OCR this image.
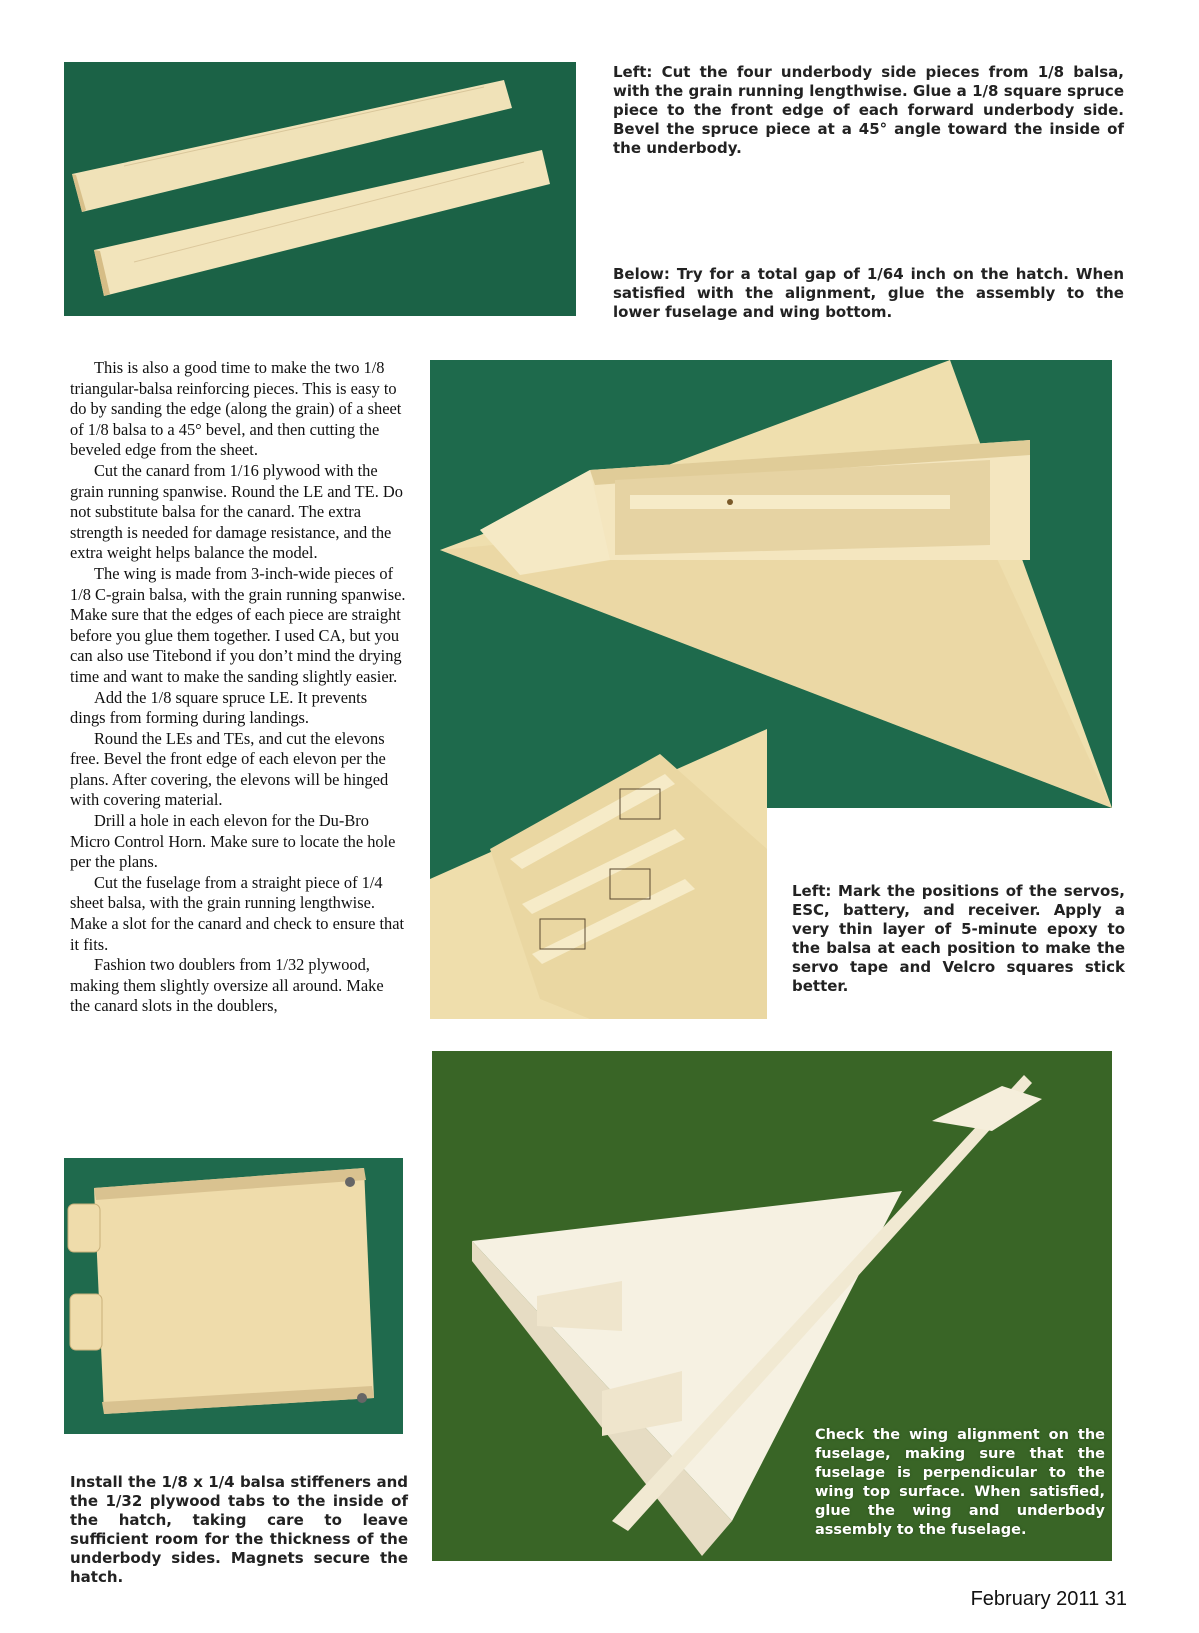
Left: Cut the four underbody side pieces from 1/8 balsa, with the grain running lengthwise. Glue a 1/8 square spruce piece to the front edge of each forward underbody side. Bevel the spruce piece at a 45° angle toward the inside of the underbody.

Below: Try for a total gap of 1/64 inch on the hatch. When satisfied with the alignment, glue the assembly to the lower fuselage and wing bottom.

Left: Mark the positions of the servos, ESC, battery, and receiver. Apply a very thin layer of 5-minute epoxy to the balsa at each position to make the servo tape and Velcro squares stick better.

Install the 1/8 x 1/4 balsa stiffeners and the 1/32 plywood tabs to the inside of the hatch, taking care to leave sufficient room for the thickness of the underbody sides. Magnets secure the hatch.

Check the wing alignment on the fuselage, making sure that the fuselage is perpendicular to the wing top surface. When satisfied, glue the wing and underbody assembly to the fuselage.

This is also a good time to make the two 1/8 triangular-balsa reinforcing pieces. This is easy to do by sanding the edge (along the grain) of a sheet of 1/8 balsa to a 45° bevel, and then cutting the beveled edge from the sheet.

Cut the canard from 1/16 plywood with the grain running spanwise. Round the LE and TE. Do not substitute balsa for the canard. The extra strength is needed for damage resistance, and the extra weight helps balance the model.

The wing is made from 3-inch-wide pieces of 1/8 C-grain balsa, with the grain running spanwise. Make sure that the edges of each piece are straight before you glue them together. I used CA, but you can also use Titebond if you don’t mind the drying time and want to make the sanding slightly easier.

Add the 1/8 square spruce LE. It prevents dings from forming during landings.

Round the LEs and TEs, and cut the elevons free. Bevel the front edge of each elevon per the plans. After covering, the elevons will be hinged with covering material.

Drill a hole in each elevon for the Du-Bro Micro Control Horn. Make sure to locate the hole per the plans.

Cut the fuselage from a straight piece of 1/4 sheet balsa, with the grain running lengthwise. Make a slot for the canard and check to ensure that it fits.

Fashion two doublers from 1/32 plywood, making them slightly oversize all around. Make the canard slots in the doublers,

February 2011 31
